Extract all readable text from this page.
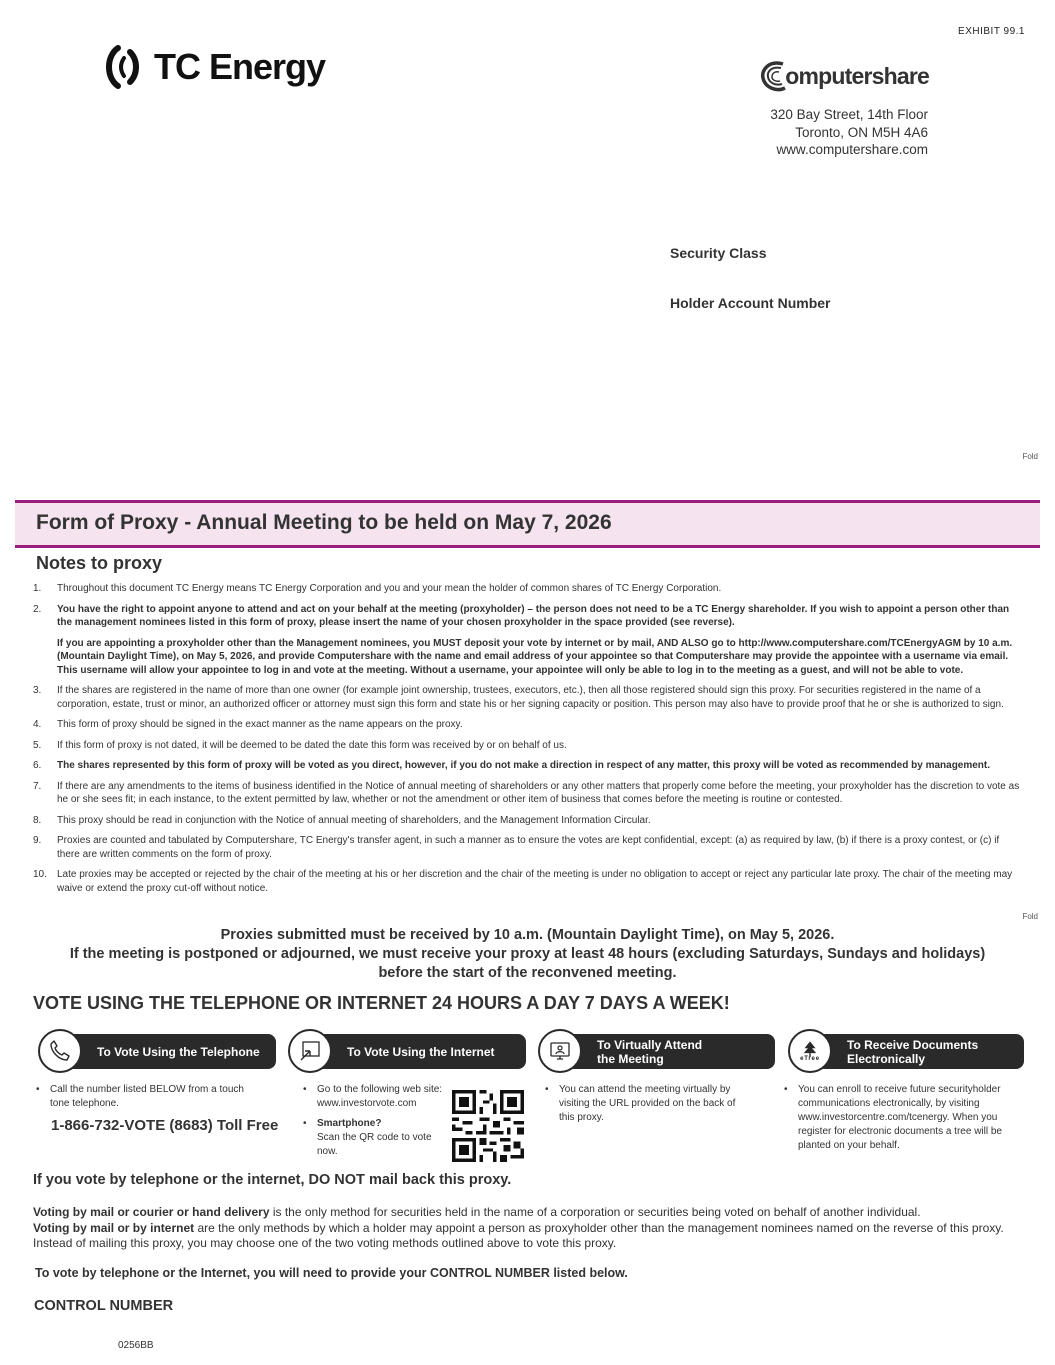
EXHIBIT 99.1
TC Energy	omputershare
320 Bay Street, 14th Floor
Toronto, ON M5H 4A6
www.computershare.com
Security Class
Holder Account Number
Fold
Form of Proxy - Annual Meeting to be held on May 7, 2026
Notes to proxy
1.	Throughout this document TC Energy means TC Energy Corporation and you and your mean the holder of common shares of TC Energy Corporation.
2.	You have the right to appoint anyone to attend and act on your behalf at the meeting (proxyholder) – the person does not need to be a TC Energy shareholder. If you wish to appoint a person other than the management nominees listed in this form of proxy, please insert the name of your chosen proxyholder in the space provided (see reverse).

If you are appointing a proxyholder other than the Management nominees, you MUST deposit your vote by internet or by mail, AND ALSO go to http://www.computershare.com/TCEnergyAGM by 10 a.m. (Mountain Daylight Time), on May 5, 2026, and provide Computershare with the name and email address of your appointee so that Computershare may provide the appointee with a username via email. This username will allow your appointee to log in and vote at the meeting. Without a username, your appointee will only be able to log in to the meeting as a guest, and will not be able to vote.

3.	If the shares are registered in the name of more than one owner (for example joint ownership, trustees, executors, etc.), then all those registered should sign this proxy. For securities registered in the name of a corporation, estate, trust or minor, an authorized officer or attorney must sign this form and state his or her signing capacity or position. This person may also have to provide proof that he or she is authorized to sign.
4.	This form of proxy should be signed in the exact manner as the name appears on the proxy.
5.	If this form of proxy is not dated, it will be deemed to be dated the date this form was received by or on behalf of us.
6.	The shares represented by this form of proxy will be voted as you direct, however, if you do not make a direction in respect of any matter, this proxy will be voted as recommended by management.
7.	If there are any amendments to the items of business identified in the Notice of annual meeting of shareholders or any other matters that properly come before the meeting, your proxyholder has the discretion to vote as he or she sees fit; in each instance, to the extent permitted by law, whether or not the amendment or other item of business that comes before the meeting is routine or contested.
8.	This proxy should be read in conjunction with the Notice of annual meeting of shareholders, and the Management Information Circular.
9.	Proxies are counted and tabulated by Computershare, TC Energy's transfer agent, in such a manner as to ensure the votes are kept confidential, except: (a) as required by law, (b) if there is a proxy contest, or (c) if there are written comments on the form of proxy.
10.	Late proxies may be accepted or rejected by the chair of the meeting at his or her discretion and the chair of the meeting is under no obligation to accept or reject any particular late proxy. The chair of the meeting may waive or extend the proxy cut-off without notice.
Fold
Proxies submitted must be received by 10 a.m. (Mountain Daylight Time), on May 5, 2026.
If the meeting is postponed or adjourned, we must receive your proxy at least 48 hours (excluding Saturdays, Sundays and holidays)
before the start of the reconvened meeting.
VOTE USING THE TELEPHONE OR INTERNET 24 HOURS A DAY 7 DAYS A WEEK!
To Vote Using the Telephone
•	Call the number listed BELOW from a touch tone telephone.
1-866-732-VOTE (8683) Toll Free
To Vote Using the Internet
•	Go to the following web site: www.investorvote.com
•	Smartphone?
Scan the QR code to vote now.
To Virtually Attend
the Meeting
•	You can attend the meeting virtually by visiting the URL provided on the back of this proxy.
To Receive Documents
Electronically
eTree
•	You can enroll to receive future securityholder communications electronically, by visiting www.investorcentre.com/tcenergy. When you register for electronic documents a tree will be planted on your behalf.
If you vote by telephone or the internet, DO NOT mail back this proxy.
Voting by mail or courier or hand delivery is the only method for securities held in the name of a corporation or securities being voted on behalf of another individual.
Voting by mail or by internet are the only methods by which a holder may appoint a person as proxyholder other than the management nominees named on the reverse of this proxy. Instead of mailing this proxy, you may choose one of the two voting methods outlined above to vote this proxy.
To vote by telephone or the Internet, you will need to provide your CONTROL NUMBER listed below.
CONTROL NUMBER
0256BB
